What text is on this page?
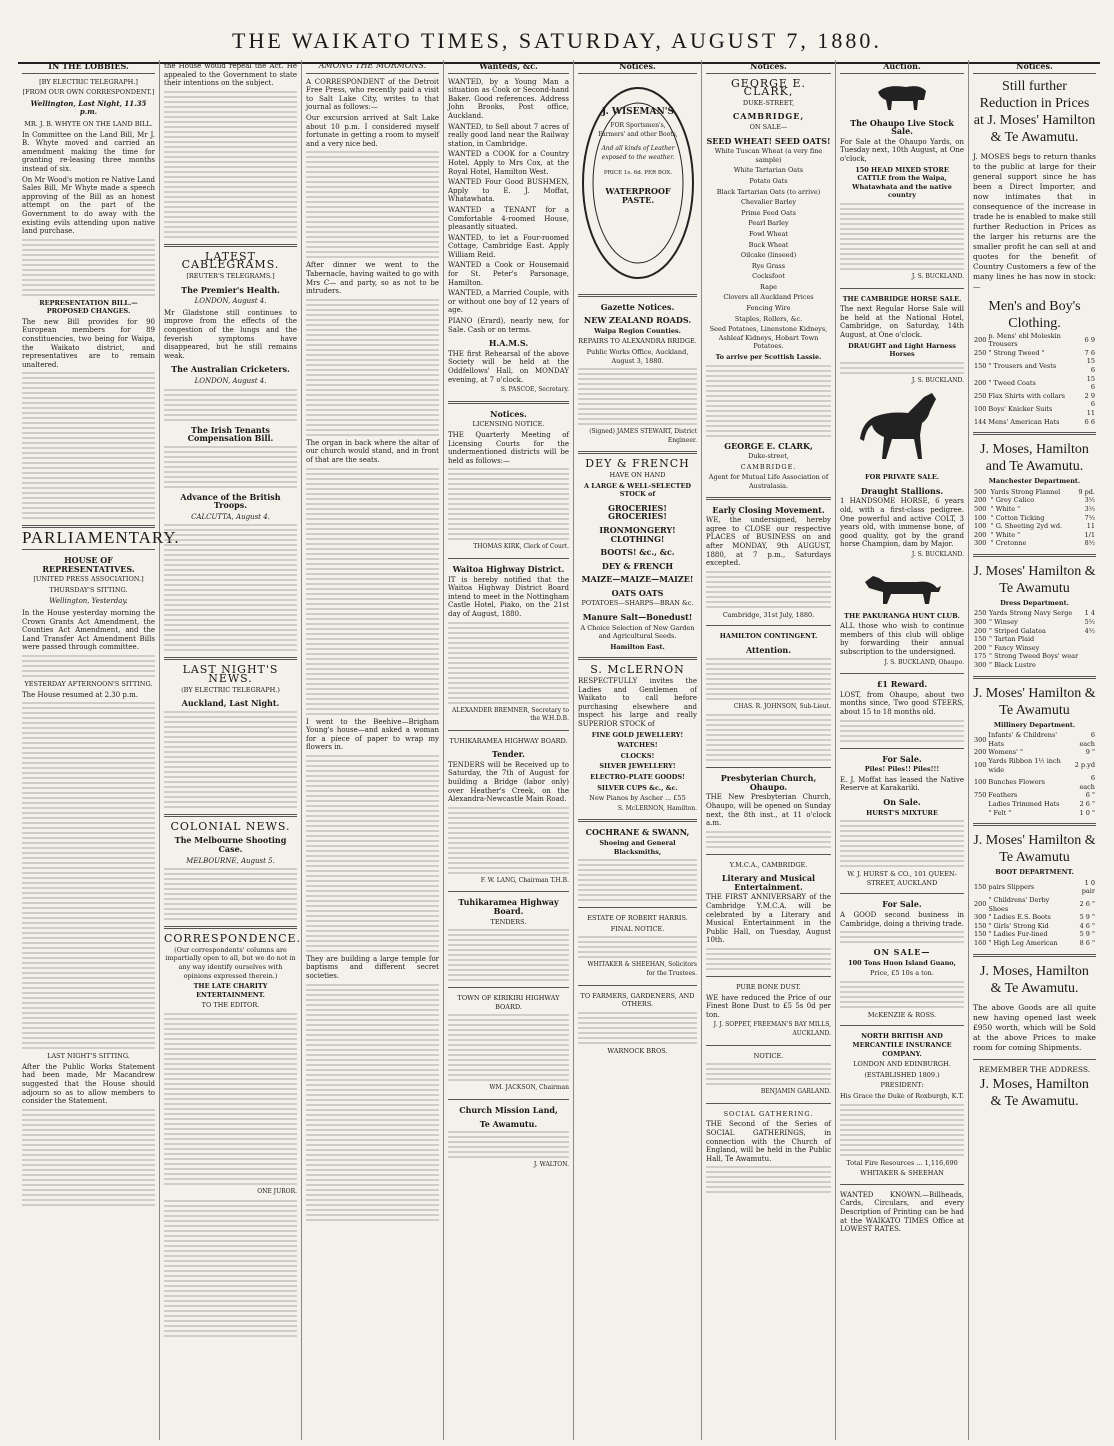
THE WAIKATO TIMES, SATURDAY, AUGUST 7, 1880.
IN THE LOBBIES.
[BY ELECTRIC TELEGRAPH.]
[FROM OUR OWN CORRESPONDENT.]
Wellington, Last Night, 11.35 p.m.
MR. J. B. WHYTE ON THE LAND BILL.

In Committee on the Land Bill, Mr J. B. Whyte moved and carried an amendment making the time for granting re-leasing three months instead of six.

On Mr Wood's motion re Native Land Sales Bill, Mr Whyte made a speech approving of the Bill as an honest attempt on the part of the Government to do away with the existing evils attending upon native land purchase.

REPRESENTATION BILL.—PROPOSED CHANGES.

The new Bill provides for 90 European members for 89 constituencies, two being for Waipa, the Waikato district, and representatives are to remain unaltered.

PARLIAMENTARY.
HOUSE OF REPRESENTATIVES.
[UNITED PRESS ASSOCIATION.]
THURSDAY'S SITTING.
Wellington, Yesterday.

In the House yesterday morning the Crown Grants Act Amendment, the Counties Act Amendment, and the Land Transfer Act Amendment Bills were passed through committee.

YESTERDAY AFTERNOON'S SITTING.

The House resumed at 2.30 p.m.

LAST NIGHT'S SITTING.

After the Public Works Statement had been made, Mr Macandrew suggested that the House should adjourn so as to allow members to consider the Statement.

the House would repeal the Act. He appealed to the Government to state their intentions on the subject.

LATEST CABLEGRAMS.
[REUTER'S TELEGRAMS.]
The Premier's Health.
LONDON, August 4.

Mr Gladstone still continues to improve from the effects of the congestion of the lungs and the feverish symptoms have disappeared, but he still remains weak.

The Australian Cricketers.
LONDON, August 4.
The Irish Tenants Compensation Bill.
Advance of the British Troops.
CALCUTTA, August 4.
LAST NIGHT'S NEWS.
(BY ELECTRIC TELEGRAPH.)
Auckland, Last Night.
COLONIAL NEWS.
The Melbourne Shooting Case.
MELBOURNE, August 5.
CORRESPONDENCE.
(Our correspondents' columns are impartially open to all, but we do not in any way identify ourselves with opinions expressed therein.)
THE LATE CHARITY ENTERTAINMENT.
TO THE EDITOR.
ONE JUROR.
AMONG THE MORMONS.

A CORRESPONDENT of the Detroit Free Press, who recently paid a visit to Salt Lake City, writes to that journal as follows:—

Our excursion arrived at Salt Lake about 10 p.m. I considered myself fortunate in getting a room to myself and a very nice bed.

After dinner we went to the Tabernacle, having waited to go with Mrs C— and party, so as not to be intruders.

The organ in back where the altar of our church would stand, and in front of that are the seats.

I went to the Beehive—Brigham Young's house—and asked a woman for a piece of paper to wrap my flowers in.

They are building a large temple for baptisms and different secret societies.

Wanteds, &c.

WANTED, by a Young Man a situation as Cook or Second-hand Baker. Good references. Address John Brooks, Post office, Auckland.

WANTED, to Sell about 7 acres of really good land near the Railway station, in Cambridge.

WANTED a COOK for a Country Hotel. Apply to Mrs Cox, at the Royal Hotel, Hamilton West.

WANTED Four Good BUSHMEN, Apply to E. J. Moffat, Whatawhata.

WANTED a TENANT for a Comfortable 4-roomed House, pleasantly situated.

WANTED, to let a Four-roomed Cottage, Cambridge East. Apply William Reid.

WANTED a Cook or Housemaid for St. Peter's Parsonage, Hamilton.

WANTED, a Married Couple, with or without one boy of 12 years of age.

PIANO (Erard), nearly new, for Sale. Cash or on terms.

H.A.M.S.

THE first Rehearsal of the above Society will be held at the Oddfellows' Hall, on MONDAY evening, at 7 o'clock.

S. PASCOE, Secretary.
Notices.
LICENSING NOTICE.

THE Quarterly Meeting of Licensing Courts for the undermentioned districts will be held as follows:—

THOMAS KIRK, Clerk of Court.
Waitoa Highway District.

IT is hereby notified that the Waitoa Highway District Board intend to meet in the Nottingham Castle Hotel, Piako, on the 21st day of August, 1880.

ALEXANDER BREMNER, Secretary to the W.H.D.B.
TUHIKARAMEA HIGHWAY BOARD.
Tender.

TENDERS will be Received up to Saturday, the 7th of August for building a Bridge (labor only) over Heather's Creek, on the Alexandra-Newcastle Main Road.

F. W. LANG, Chairman T.H.B.
Tuhikaramea Highway Board.
TENDERS.
TOWN OF KIRIKIRI HIGHWAY BOARD.
WM. JACKSON, Chairman
Church Mission Land,
Te Awamutu.
J. WALTON.
Notices.
J. WISEMAN'S
FOR Sportsmen's, Farmers' and other Boots,
And all kinds of Leather exposed to the weather.
PRICE 1s. 6d. PER BOX.
WATERPROOF PASTE.
Gazette Notices.
NEW ZEALAND ROADS.
Waipa Region Counties.
REPAIRS TO ALEXANDRA BRIDGE.
Public Works Office, Auckland, August 3, 1880.
(Signed) JAMES STEWART, District Engineer.
DEY & FRENCH
HAVE ON HAND
A LARGE & WELL-SELECTED STOCK of
GROCERIES! GROCERIES!
IRONMONGERY! CLOTHING!
BOOTS! &c., &c.
DEY & FRENCH
MAIZE—MAIZE—MAIZE!
OATS OATS
POTATOES—SHARPS—BRAN &c.
Manure Salt—Bonedust!
A Choice Selection of New Garden and Agricultural Seeds.
Hamilton East.
S. McLERNON

RESPECTFULLY invites the Ladies and Gentlemen of Waikato to call before purchasing elsewhere and inspect his large and really SUPERIOR STOCK of

FINE GOLD JEWELLERY!
WATCHES!
CLOCKS!
SILVER JEWELLERY!
ELECTRO-PLATE GOODS!
SILVER CUPS &c., &c.
New Pianos by Ascher ... £55
S. McLERNON, Hamilton.
COCHRANE & SWANN,
Shoeing and General Blacksmiths,
ESTATE OF ROBERT HARRIS.
FINAL NOTICE.
WHITAKER & SHEEHAN, Solicitors for the Trustees.
TO FARMERS, GARDENERS, AND OTHERS.
WARNOCK BROS.
Notices.
GEORGE E. CLARK,
DUKE-STREET,
CAMBRIDGE,
ON SALE—
SEED WHEAT! SEED OATS!
White Tuscan Wheat (a very fine sample)
White Tartarian Oats
Potato Oats
Black Tartarian Oats (to arrive)
Chevalier Barley
Prime Feed Oats
Pearl Barley
Fowl Wheat
Buck Wheat
Oilcake (linseed)
Rye Grass
Cocksfoot
Rape
Clovers all Auckland Prices
Fencing Wire
Staples, Rollers, &c.
Seed Potatoes, Linenstone Kidneys, Ashleaf Kidneys, Hobart Town Potatoes.
To arrive per Scottish Lassie.
GEORGE E. CLARK,
Duke-street,
CAMBRIDGE.
Agent for Mutual Life Association of Australasia.
Early Closing Movement.

WE, the undersigned, hereby agree to CLOSE our respective PLACES of BUSINESS on and after MONDAY, 9th AUGUST, 1880, at 7 p.m., Saturdays excepted.

Cambridge, 31st July, 1880.
HAMILTON CONTINGENT.
Attention.
CHAS. R. JOHNSON, Sub-Lieut.
Presbyterian Church, Ohaupo.

THE New Presbyterian Church, Ohaupo, will be opened on Sunday next, the 8th inst., at 11 o'clock a.m.

Y.M.C.A., CAMBRIDGE.
Literary and Musical Entertainment.

THE FIRST ANNIVERSARY of the Cambridge Y.M.C.A. will be celebrated by a Literary and Musical Entertainment in the Public Hall, on Tuesday, August 10th.

PURE BONE DUST.

WE have reduced the Price of our Finest Bone Dust to £5 5s 0d per ton.

J. J. SOPPET, FREEMAN'S BAY MILLS, AUCKLAND.
NOTICE.
BENJAMIN GARLAND.
SOCIAL GATHERING.

THE Second of the Series of SOCIAL GATHERINGS, in connection with the Church of England, will be held in the Public Hall, Te Awamutu.

Auction.
The Ohaupo Live Stock Sale.

For Sale at the Ohaupo Yards, on Tuesday next, 10th August, at One o'clock,

150 HEAD MIXED STORE CATTLE from the Waipa, Whatawhata and the native country
J. S. BUCKLAND.
THE CAMBRIDGE HORSE SALE.

The next Regular Horse Sale will be held at the National Hotel, Cambridge, on Saturday, 14th August, at One o'clock.

DRAUGHT and Light Harness Horses
J. S. BUCKLAND.
FOR PRIVATE SALE.
Draught Stallions.

1 HANDSOME HORSE, 6 years old, with a first-class pedigree. One powerful and active COLT, 3 years old, with immense bone, of good quality, got by the grand horse Champion, dam by Major.

J. S. BUCKLAND.
THE PAKURANGA HUNT CLUB.

ALL those who wish to continue members of this club will oblige by forwarding their annual subscription to the undersigned.

J. S. BUCKLAND, Ohaupo.
£1 Reward.

LOST, from Ohaupo, about two months since, Two good STEERS, about 15 to 18 months old.

For Sale.
Piles! Piles!! Piles!!!

E. J. Moffat has leased the Native Reserve at Karakariki.

On Sale.
HURST'S MIXTURE
W. J. HURST & CO., 101 QUEEN-STREET, AUCKLAND
For Sale.

A GOOD second business in Cambridge, doing a thriving trade.

ON SALE—
100 Tons Huon Island Guano,
Price, £5 10s a ton.
McKENZIE & ROSS.
NORTH BRITISH AND MERCANTILE INSURANCE COMPANY.
LONDON AND EDINBURGH.
(ESTABLISHED 1809.)
PRESIDENT:
His Grace the Duke of Roxburgh, K.T.
Total Fire Resources ... 1,116,690
WHITAKER & SHEEHAN

WANTED KNOWN.—Billheads, Cards, Circulars, and every Description of Printing can be had at the WAIKATO TIMES Office at LOWEST RATES.

Notices.
Still further Reduction in Prices at J. Moses' Hamilton & Te Awamutu.

J. MOSES begs to return thanks to the public at large for their general support since he has been a Direct Importer, and now intimates that in consequence of the increase in trade he is enabled to make still further Reduction in Prices as the larger his returns are the smaller profit he can sell at and quotes for the benefit of Country Customers a few of the many lines he has now in stock:—

Men's and Boy's Clothing.
200	p. Mens' ebl Moleskin Trousers	6 9
250	" Strong Tweed "	7 6
150	" Trousers and Vests	15 6
200	" Tweed Coats	15 6
250	Flax Shirts with collars	2 9
100	Boys' Knicker Suits	6 11
144	Mens' American Hats	6 6
J. Moses, Hamilton and Te Awamutu.
Manchester Department.
500	Yards Strong Flannel	9 pd.
200	" Grey Calico	3½
500	" White "	3½
100	" Cotton Ticking	7½
100	" G. Sheeting 2yd wd.	11
200	" White "	1/1
300	" Cretonne	8½
J. Moses' Hamilton & Te Awamutu
Dress Department.
250	Yards Strong Navy Serge	1 4
300	" Winsey	5½
200	" Striped Galatea	4½
150	" Tartan Plaid	
200	" Fancy Winsey	
175	" Strong Tweed Boys' wear	
300	" Black Lustre	
J. Moses' Hamilton & Te Awamutu
Millinery Department.
300	Infants' & Childrens' Hats	6 each
200	Womens' "	9 "
100	Yards Ribbon 1½ inch wide	2 p.yd
100	Bunches Flowers	6 each
750	Feathers	6 "
	Ladies Trimmed Hats	2 6 "
	" Felt "	1 0 "
J. Moses' Hamilton & Te Awamutu
BOOT DEPARTMENT.
150	pairs Slippers	1 0 pair
200	" Childrens' Derby Shoes	2 6 "
300	" Ladies E.S. Boots	5 9 "
150	" Girls' Strong Kid	4 6 "
150	" Ladies Fur-lined	5 9 "
160	" High Leg American	8 6 "
J. Moses, Hamilton & Te Awamutu.

The above Goods are all quite new having opened last week £950 worth, which will be Sold at the above Prices to make room for coming Shipments.

REMEMBER THE ADDRESS.
J. Moses, Hamilton & Te Awamutu.
